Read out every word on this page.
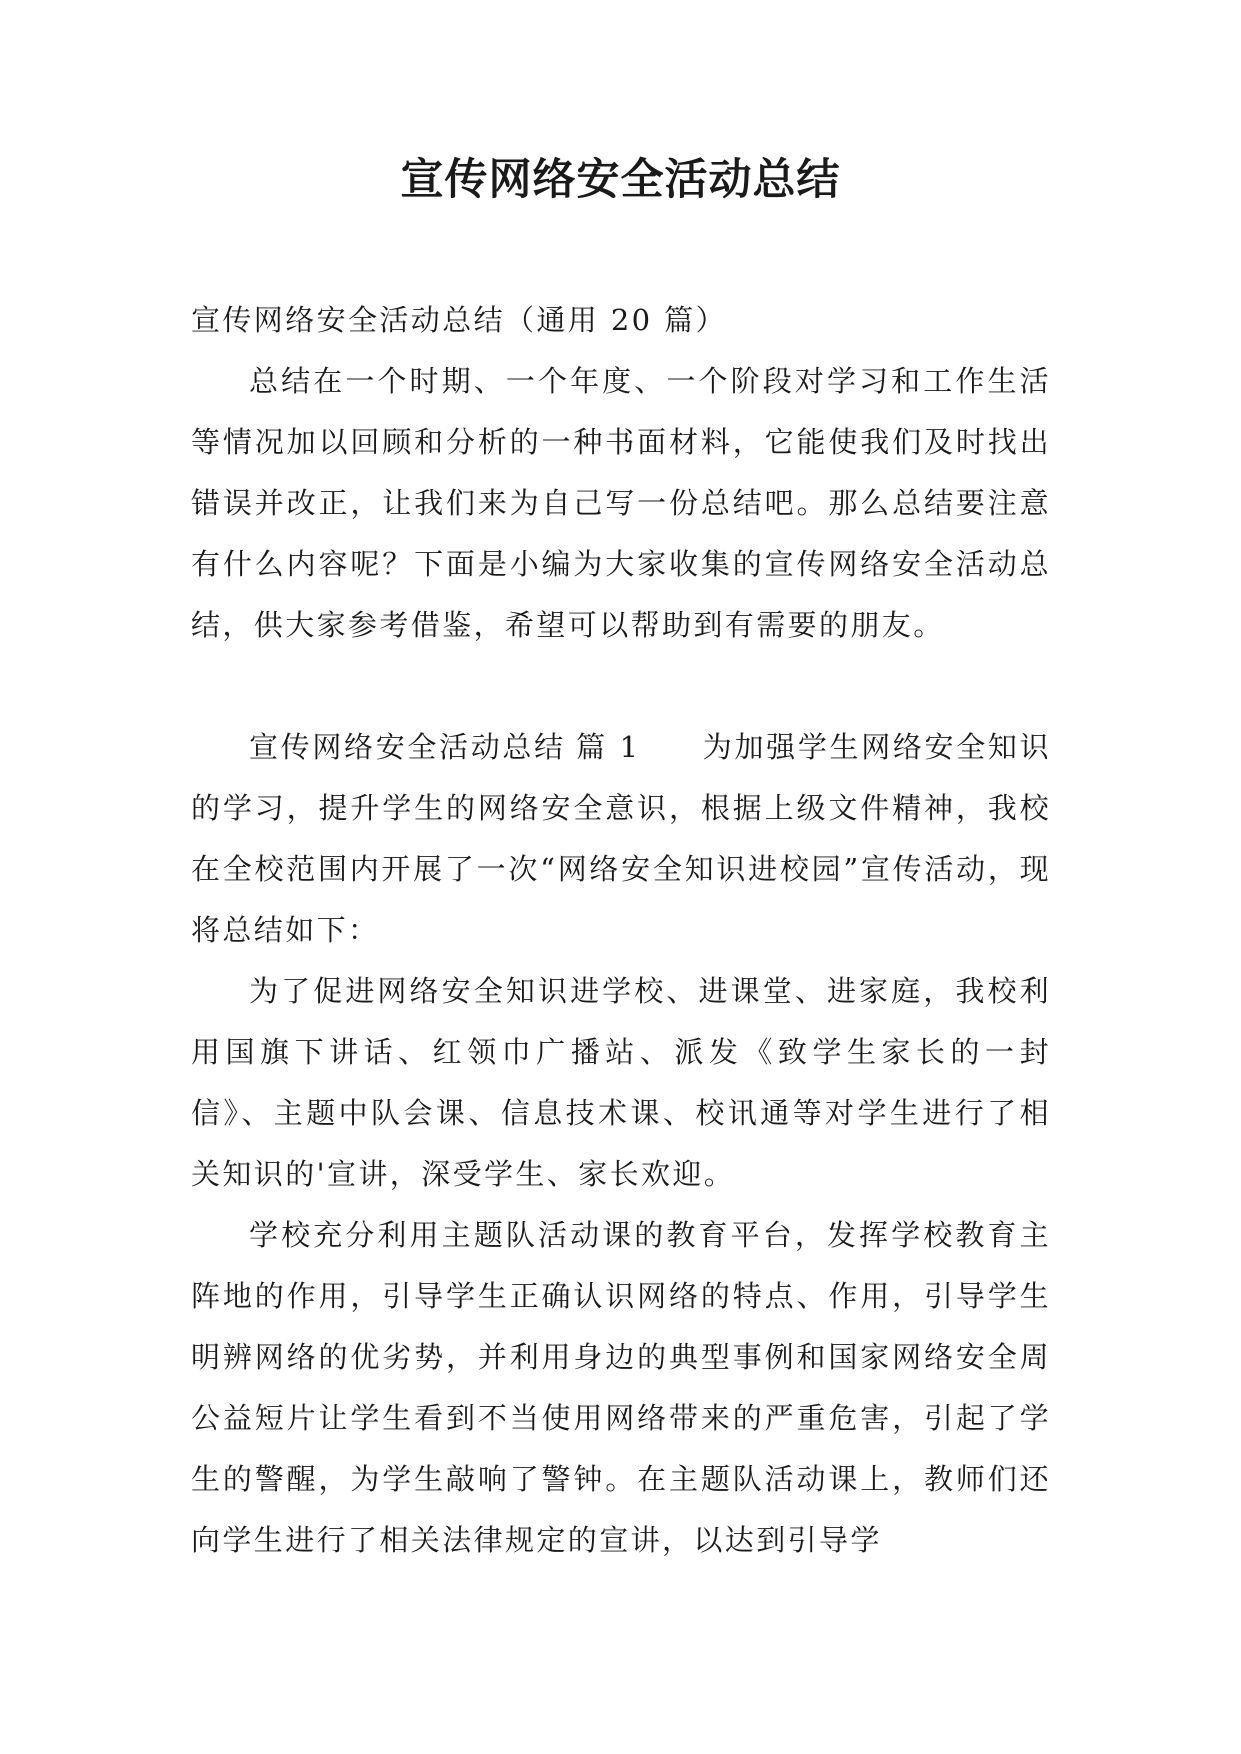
宣传网络安全活动总结

宣传网络安全活动总结（通用 20 篇）

总结在一个时期、一个年度、一个阶段对学习和工作生活等情况加以回顾和分析的一种书面材料，它能使我们及时找出错误并改正，让我们来为自己写一份总结吧。那么总结要注意有什么内容呢？下面是小编为大家收集的宣传网络安全活动总结，供大家参考借鉴，希望可以帮助到有需要的朋友。

宣传网络安全活动总结 篇 1 为加强学生网络安全知识的学习，提升学生的网络安全意识，根据上级文件精神，我校在全校范围内开展了一次“网络安全知识进校园”宣传活动，现将总结如下：

为了促进网络安全知识进学校、进课堂、进家庭，我校利用国旗下讲话、红领巾广播站、派发《致学生家长的一封信》、主题中队会课、信息技术课、校讯通等对学生进行了相关知识的'宣讲，深受学生、家长欢迎。

学校充分利用主题队活动课的教育平台，发挥学校教育主阵地的作用，引导学生正确认识网络的特点、作用，引导学生明辨网络的优劣势，并利用身边的典型事例和国家网络安全周公益短片让学生看到不当使用网络带来的严重危害，引起了学生的警醒，为学生敲响了警钟。在主题队活动课上，教师们还向学生进行了相关法律规定的宣讲，以达到引导学
